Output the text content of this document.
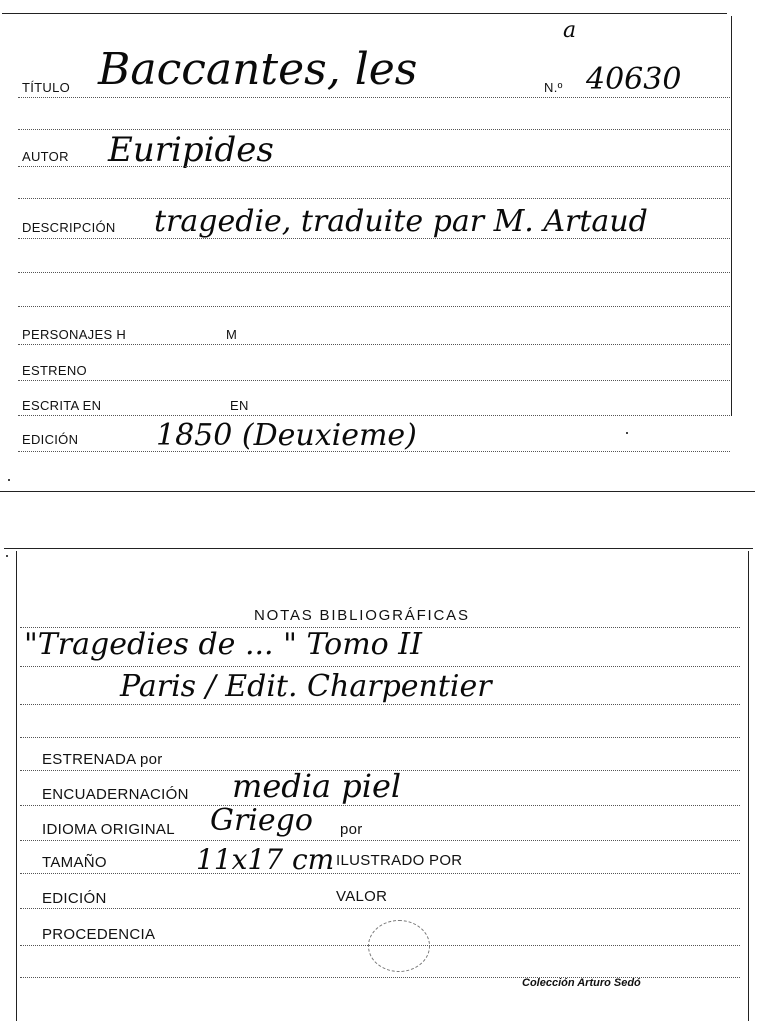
a
TÍTULO Baccantes, les	N.º 40630
AUTOR Euripides
DESCRIPCIÓN tragedie, traduite par M. Artaud
PERSONAJES H	M
ESTRENO
ESCRITA EN	EN
EDICIÓN	1850 (Deuxieme)
NOTAS BIBLIOGRÁFICAS
"Tragedies de ... " Tomo II
Paris / Edit. Charpentier
ESTRENADA por
ENCUADERNACIÓN media piel
IDIOMA ORIGINAL Griego por
TAMAÑO	11x17 cm ILUSTRADO POR
EDICIÓN	VALOR
PROCEDENCIA
Colección Arturo Sedó
